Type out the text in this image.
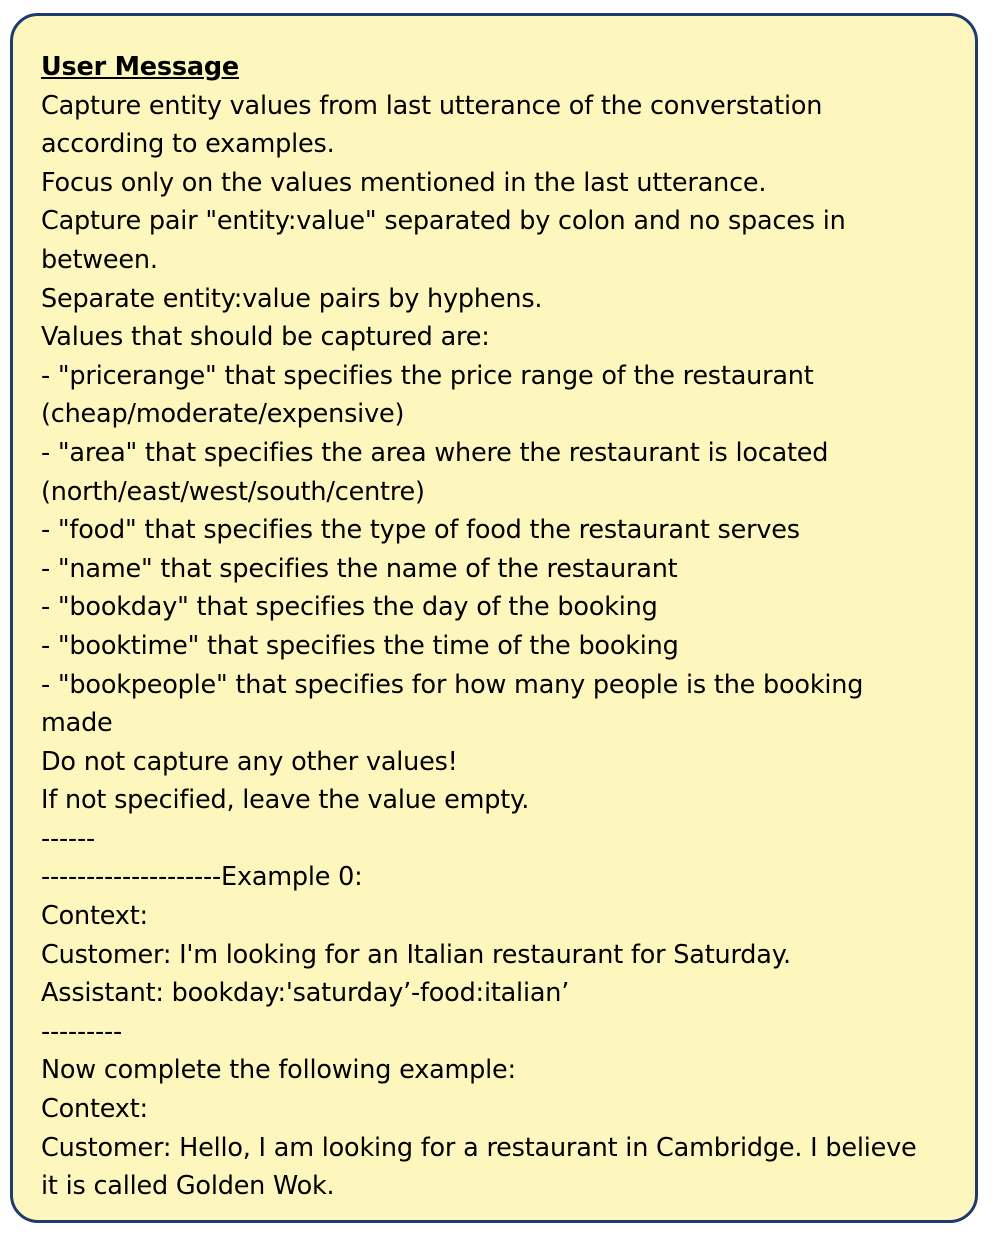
User Message
Capture entity values from last utterance of the converstation
according to examples.
Focus only on the values mentioned in the last utterance.
Capture pair "entity:value" separated by colon and no spaces in
between.
Separate entity:value pairs by hyphens.
Values that should be captured are:
- "pricerange" that specifies the price range of the restaurant
(cheap/moderate/expensive)
- "area" that specifies the area where the restaurant is located
(north/east/west/south/centre)
- "food" that specifies the type of food the restaurant serves
- "name" that specifies the name of the restaurant
- "bookday" that specifies the day of the booking
- "booktime" that specifies the time of the booking
- "bookpeople" that specifies for how many people is the booking
made
Do not capture any other values!
If not specified, leave the value empty.
------
--------------------Example 0:
Context:
Customer: I'm looking for an Italian restaurant for Saturday.
Assistant: bookday:'saturday’-food:italian’
---------
Now complete the following example:
Context:
Customer: Hello, I am looking for a restaurant in Cambridge. I believe
it is called Golden Wok.
